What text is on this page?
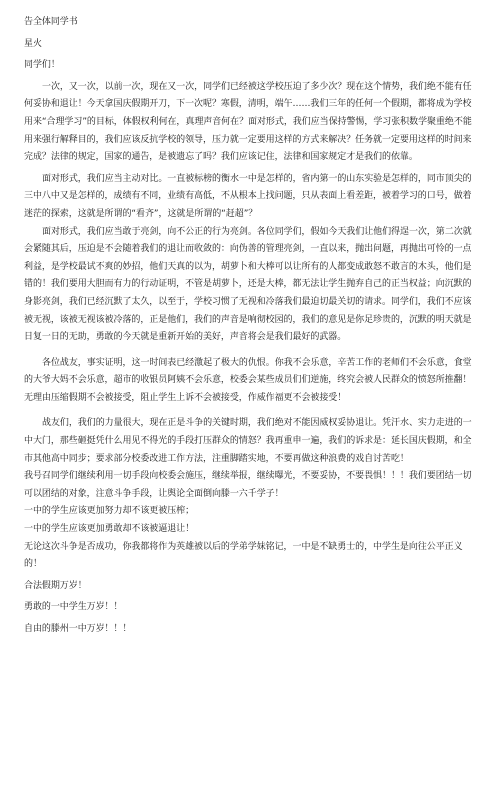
告全体同学书

星火

同学们！

一次，又一次，以前一次，现在又一次，同学们已经被这学校压迫了多少次？现在这个情势，我们绝不能有任何妥协和退让！今天拿国庆假期开刀，下一次呢？寒假，清明，端午……我们三年的任何一个假期，都将成为学校用来“合理学习”的目标，体假权利何在，真理声音何在？面对形式，我们应当保持警惕，学习张积数学聚重绝不能用来强行解释目的，我们应该反抗学校的领导，压力就一定要用这样的方式来解决？任务就一定要用这样的时间来完成？法律的规定，国家的通告，是被遗忘了吗？我们应该记住，法律和国家规定才是我们的依靠。

面对形式，我们应当主动对比。一直被标榜的衡水一中是怎样的，省内第一的山东实验是怎样的，同市顶尖的三中八中又是怎样的，成绩有不同，业绩有高低，不从根本上找问题，只从表面上看差距，被着学习的口号，做着迷茫的探索，这就是所谓的“看齐”，这就是所谓的“赶超”？

面对形式，我们应当敢于亮剑，向不公正的行为亮剑。各位同学们，假如今天我们让他们得逞一次，第二次就会紧随其后，压迫是不会随着我们的退让而收敛的：向伪善的管理亮剑，一直以来，抛出问题，再抛出可怜的一点利益，是学校最试不爽的妙招，他们天真的以为，胡萝卜和大棒可以让所有的人都变成敢怒不敢言的木头，他们是错的！我们要用大胆而有力的行动证明，不管是胡萝卜，还是大棒，都无法让学生抛弃自己的正当权益；向沉默的身影亮剑，我们已经沉默了太久，以至于，学校习惯了无视和冷落我们最迫切最关切的请求。同学们，我们不应该被无视，该被无视该被冷落的，正是他们，我们的声音是响彻校园的，我们的意见是你足珍贵的，沉默的明天就是日复一日的无助，勇敢的今天就是重新开始的美好，声音将会是我们最好的武器。

各位战友，事实证明，这一时间表已经激起了极大的仇恨。你我不会乐意，辛苦工作的老师们不会乐意，食堂的大爷大妈不会乐意，超市的收银员阿姨不会乐意，校委会某些成员们们逆施，终究会被人民群众的愤怒所推翻！无理由压缩假期不会被接受，阻止学生上诉不会被接受，作威作福更不会被接受！

战友们，我们的力量很大，现在正是斗争的关键时期，我们绝对不能因威权妥协退让。凭汗水、实力走进的一中大门，那些砸挺凭什么用见不得光的手段打压群众的情怒？我再重申一遍，我们的诉求是：延长国庆假期，和全市其他高中同步；要求部分校委改进工作方法，注重脚踏实地，不要再做这种浪费的戏自讨苦吃！

我号召同学们继续利用一切手段向校委会施压，继续举报，继续曝光，不要妥协，不要畏惧！！！我们要团结一切可以团结的对象，注意斗争手段，让舆论全面倒向滕一六千学子！

一中的学生应该更加努力却不该更被压榨；

一中的学生应该更加勇敢却不该被逼退让！

无论这次斗争是否成功，你我都将作为英雄被以后的学弟学妹铭记，一中是不缺勇士的，中学生是向往公平正义的！

合法假期万岁！

勇敢的一中学生万岁！！

自由的滕州一中万岁！！！
